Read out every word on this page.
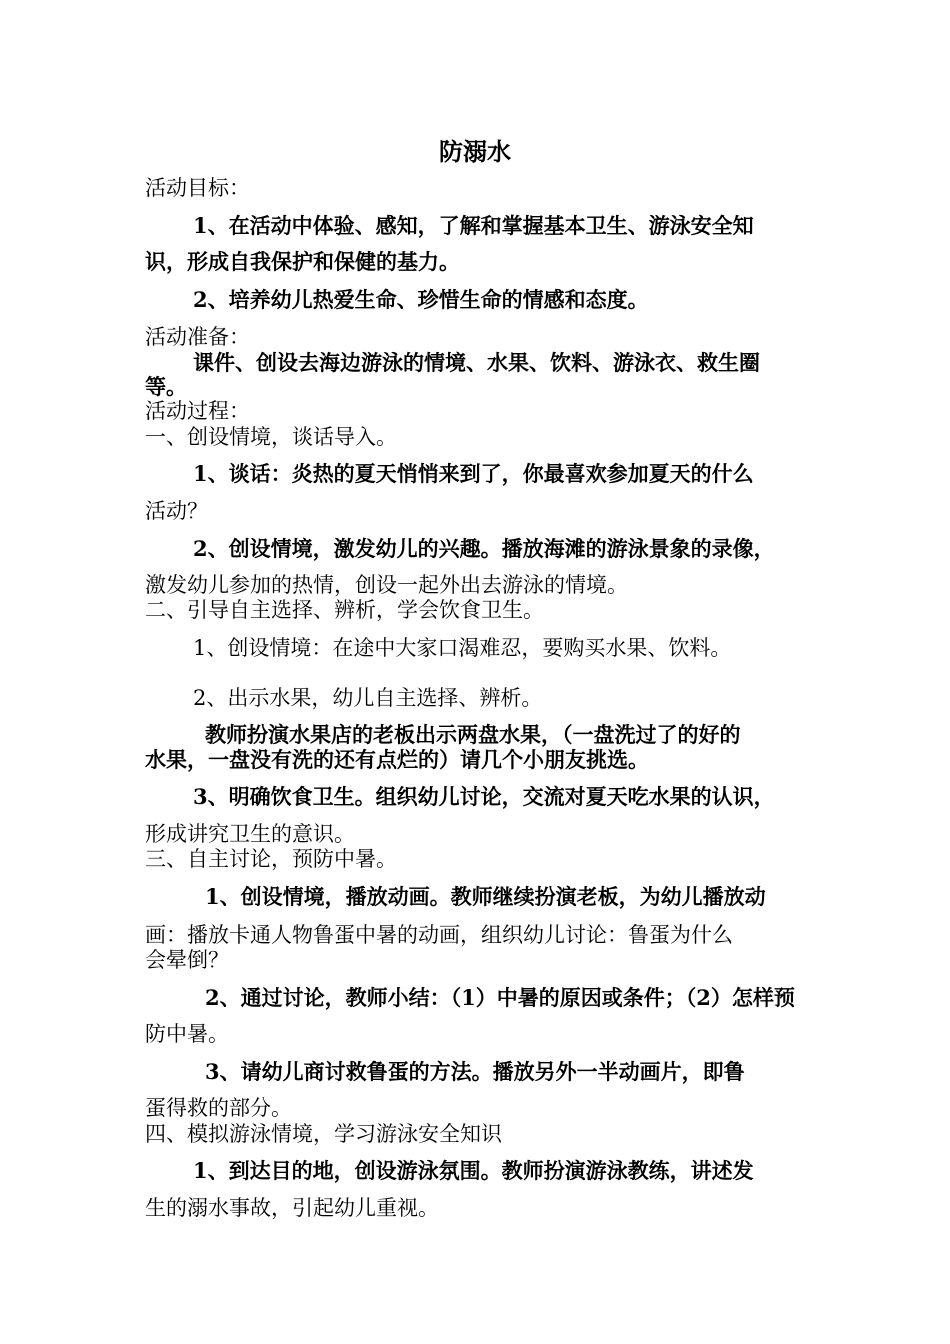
防溺水
活动目标：
1、在活动中体验、感知，了解和掌握基本卫生、游泳安全知
识，形成自我保护和保健的基力。
2、培养幼儿热爱生命、珍惜生命的情感和态度。
活动准备：
课件、创设去海边游泳的情境、水果、饮料、游泳衣、救生圈
等。
活动过程：
一、创设情境，谈话导入。
1、谈话：炎热的夏天悄悄来到了，你最喜欢参加夏天的什么
活动？
2、创设情境，激发幼儿的兴趣。播放海滩的游泳景象的录像，
激发幼儿参加的热情，创设一起外出去游泳的情境。
二、引导自主选择、辨析，学会饮食卫生。
1、创设情境：在途中大家口渴难忍，要购买水果、饮料。
2、出示水果，幼儿自主选择、辨析。
教师扮演水果店的老板出示两盘水果，（一盘洗过了的好的
水果，一盘没有洗的还有点烂的）请几个小朋友挑选。
3、明确饮食卫生。组织幼儿讨论，交流对夏天吃水果的认识，
形成讲究卫生的意识。
三、自主讨论，预防中暑。
1、创设情境，播放动画。教师继续扮演老板，为幼儿播放动
画：播放卡通人物鲁蛋中暑的动画，组织幼儿讨论：鲁蛋为什么
会晕倒？
2、通过讨论，教师小结：（1）中暑的原因或条件；（2）怎样预
防中暑。
3、请幼儿商讨救鲁蛋的方法。播放另外一半动画片，即鲁
蛋得救的部分。
四、模拟游泳情境，学习游泳安全知识
1、到达目的地，创设游泳氛围。教师扮演游泳教练，讲述发
生的溺水事故，引起幼儿重视。
